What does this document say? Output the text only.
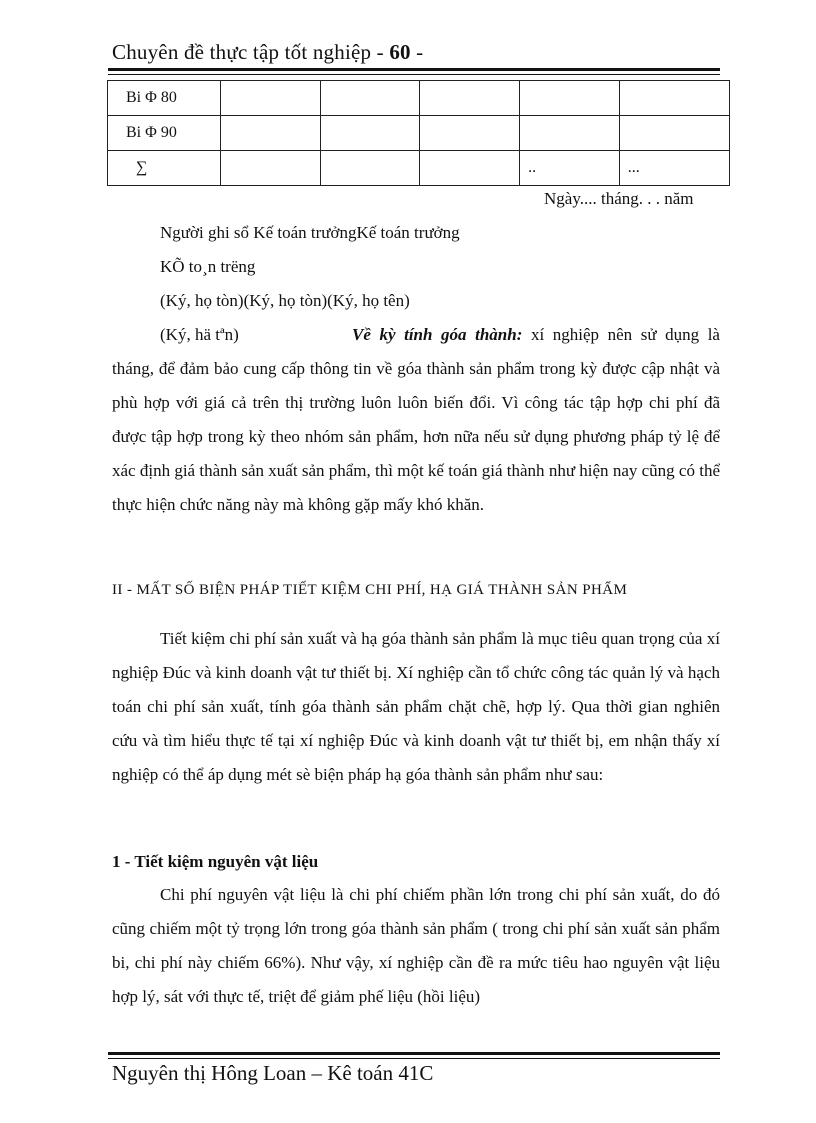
Chuyên đề thực tập tốt nghiệp - 60 -
Bi Φ 80					
Bi Φ 90					
∑				..	...
Ngày.... tháng. . . năm
Người ghi sổ Kế toán trưởngKế toán trưởng
KÕ to¸n trëng
(Ký, họ tòn)(Ký, họ tòn)(Ký, họ tên)
(Ký, hä tªn)	Về kỳ tính góa thành: xí nghiệp nên sử dụng là tháng, để đảm bảo cung cấp thông tin về góa thành sản phẩm trong kỳ được cập nhật và phù hợp với giá cả trên thị trường luôn luôn biến đổi. Vì công tác tập hợp chi phí đã được tập hợp trong kỳ theo nhóm sản phẩm, hơn nữa nếu sử dụng phương pháp tỷ lệ để xác định giá thành sản xuất sản phẩm, thì một kế toán giá thành như hiện nay cũng có thể thực hiện chức năng này mà không gặp mấy khó khăn.
II - MẤT SỐ BIỆN PHÁP TIẾT KIỆM CHI PHÍ, HẠ GIÁ THÀNH SẢN PHẨM
Tiết kiệm chi phí sản xuất và hạ góa thành sản phẩm là mục tiêu quan trọng của xí nghiệp Đúc và kinh doanh vật tư thiết bị. Xí nghiệp cần tổ chức công tác quản lý và hạch toán chi phí sản xuất, tính góa thành sản phẩm chặt chẽ, hợp lý. Qua thời gian nghiên cứu và tìm hiểu thực tế tại xí nghiệp Đúc và kinh doanh vật tư thiết bị, em nhận thấy xí nghiệp có thể áp dụng mét sè biện pháp hạ góa thành sản phẩm như sau:
1 - Tiết kiệm nguyên vật liệu
Chi phí nguyên vật liệu là chi phí chiếm phần lớn trong chi phí sản xuất, do đó cũng chiếm một tỷ trọng lớn trong góa thành sản phẩm ( trong chi phí sản xuất sản phẩm bi, chi phí này chiếm 66%). Như vậy, xí nghiệp cần đề ra mức tiêu hao nguyên vật liệu hợp lý, sát với thực tế, triệt để giảm phế liệu (hồi liệu)
Nguyên thị Hông Loan – Kê toán 41C
